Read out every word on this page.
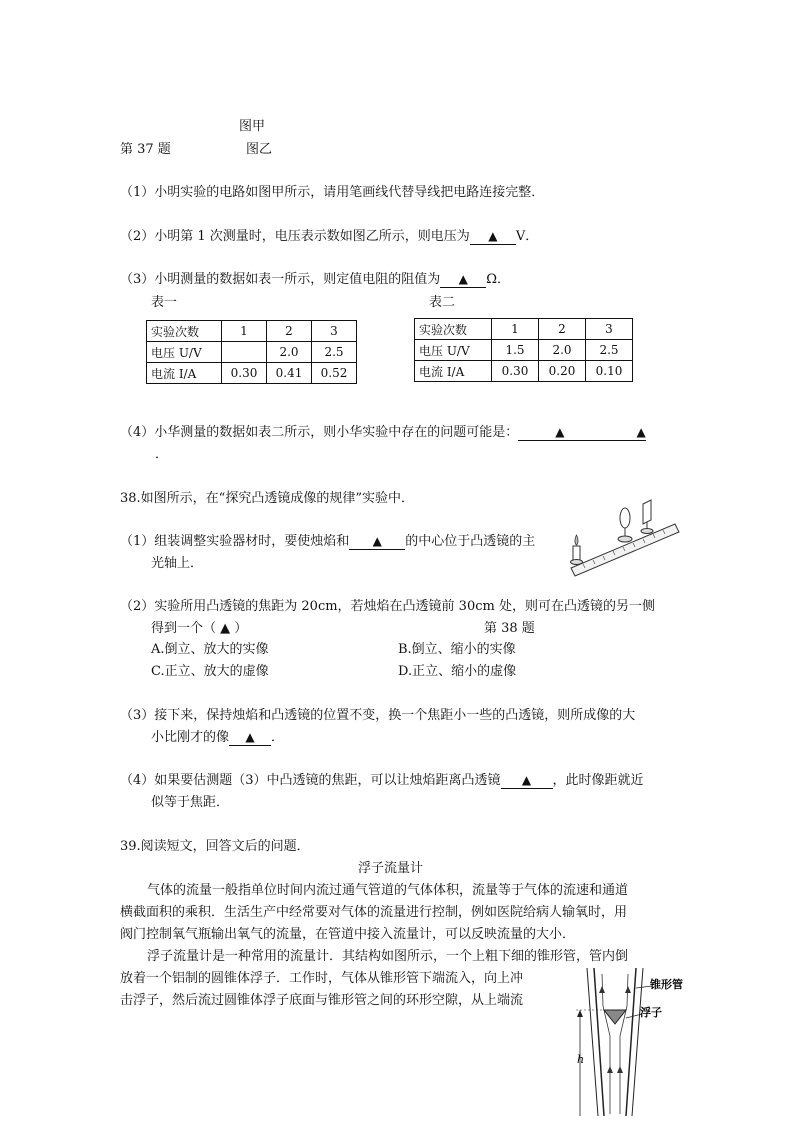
图甲
第 37 题	图乙
（1）小明实验的电路如图甲所示，请用笔画线代替导线把电路连接完整．
（2）小明第 1 次测量时，电压表示数如图乙所示，则电压为 ▲ V．
（3）小明测量的数据如表一所示，则定值电阻的阻值为 ▲ Ω．
表一	表二
实验次数	1	2	3
电压 U/V		2.0	2.5
电流 I/A	0.30	0.41	0.52
实验次数	1	2	3
电压 U/V	1.5	2.0	2.5
电流 I/A	0.30	0.20	0.10
（4）小华测量的数据如表二所示，则小华实验中存在的问题可能是：	▲	▲
．
38.如图所示，在“探究凸透镜成像的规律”实验中．
（1）组装调整实验器材时，要使烛焰和 ▲ 的中心位于凸透镜的主
光轴上．
（2）实验所用凸透镜的焦距为 20cm，若烛焰在凸透镜前 30cm 处，则可在凸透镜的另一侧
得到一个（ ▲ ）	第 38 题
A.倒立、放大的实像	B.倒立、缩小的实像
C.正立、放大的虚像	D.正立、缩小的虚像
（3）接下来，保持烛焰和凸透镜的位置不变，换一个焦距小一些的凸透镜，则所成像的大
小比刚才的像 ▲ ．
（4）如果要估测题（3）中凸透镜的焦距，可以让烛焰距离凸透镜 ▲ ，此时像距就近
似等于焦距．
39.阅读短文，回答文后的问题．
浮子流量计
气体的流量一般指单位时间内流过通气管道的气体体积，流量等于气体的流速和通道
横截面积的乘积．生活生产中经常要对气体的流量进行控制，例如医院给病人输氧时，用
阀门控制氧气瓶输出氧气的流量，在管道中接入流量计，可以反映流量的大小．
浮子流量计是一种常用的流量计．其结构如图所示，一个上粗下细的锥形管，管内倒
放着一个铝制的圆锥体浮子．工作时，气体从锥形管下端流入，向上冲
击浮子，然后流过圆锥体浮子底面与锥形管之间的环形空隙，从上端流
h
锥形管
浮子
